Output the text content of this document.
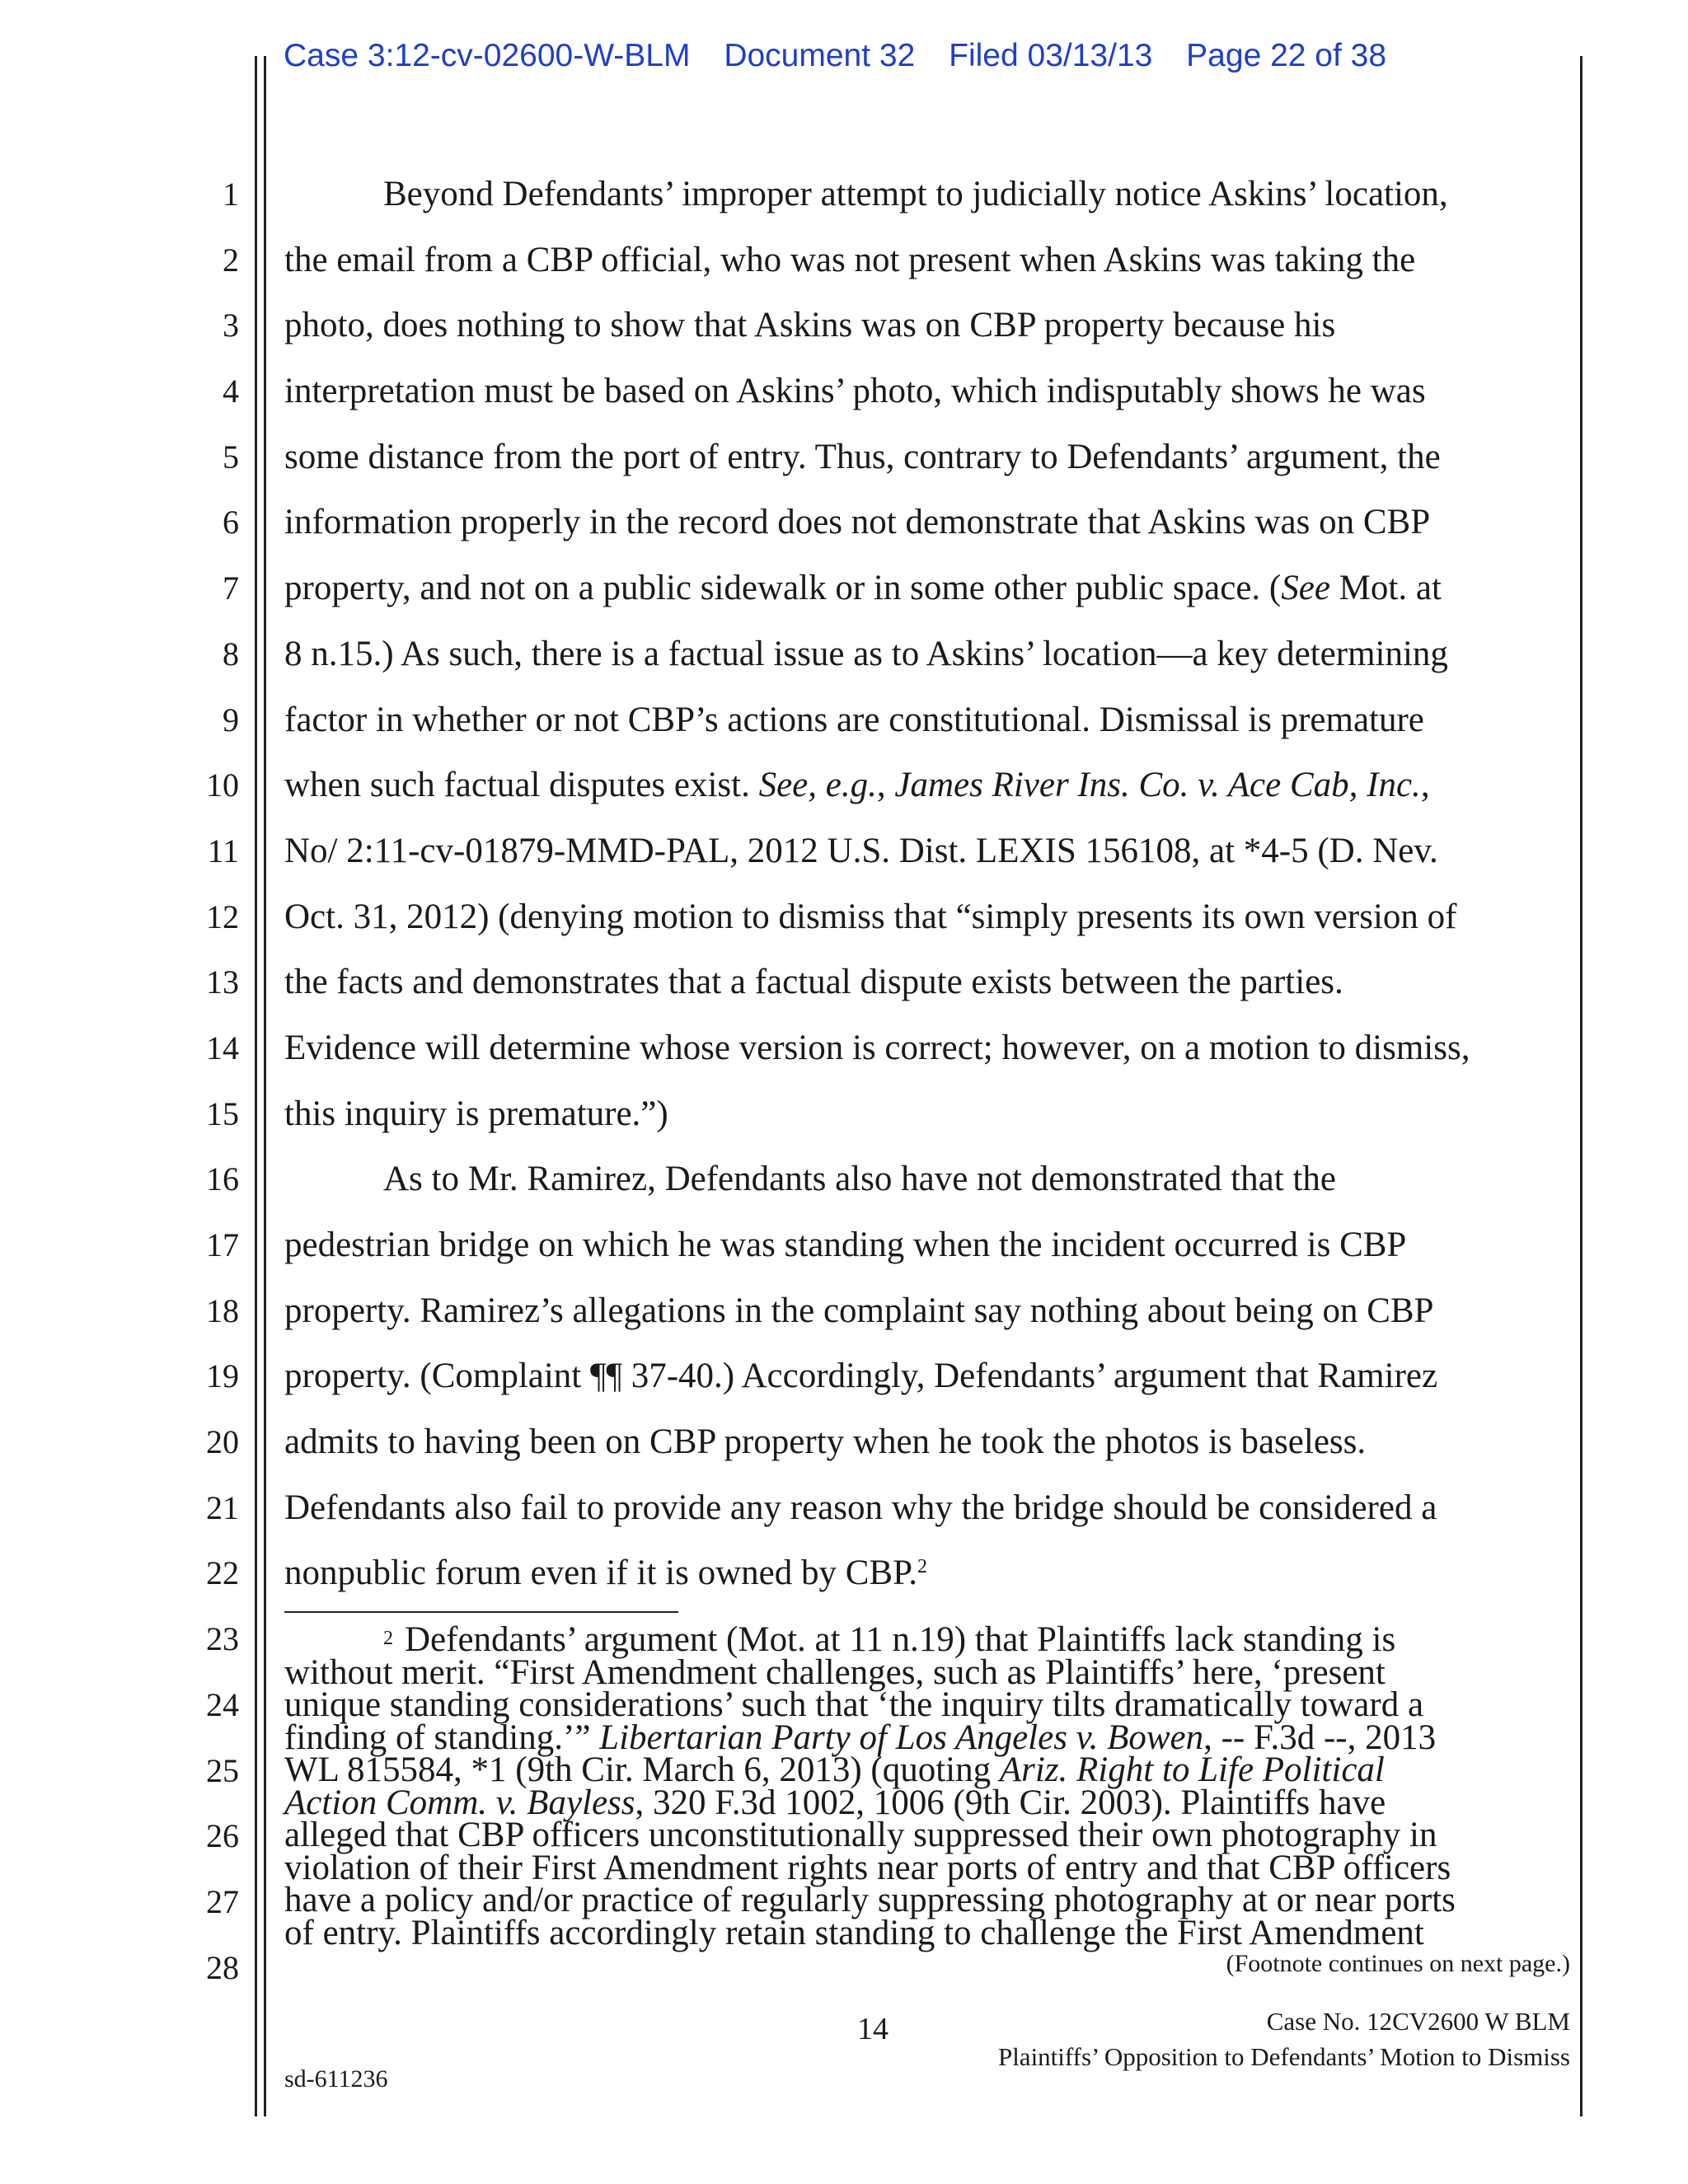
Case 3:12-cv-02600-W-BLM Document 32 Filed 03/13/13 Page 22 of 38
1
2
3
4
5
6
7
8
9
10
11
12
13
14
15
16
17
18
19
20
21
22
23
24
25
26
27
28
Beyond Defendants’ improper attempt to judicially notice Askins’ location,
the email from a CBP official, who was not present when Askins was taking the
photo, does nothing to show that Askins was on CBP property because his
interpretation must be based on Askins’ photo, which indisputably shows he was
some distance from the port of entry. Thus, contrary to Defendants’ argument, the
information properly in the record does not demonstrate that Askins was on CBP
property, and not on a public sidewalk or in some other public space. (See Mot. at
8 n.15.) As such, there is a factual issue as to Askins’ location—a key determining
factor in whether or not CBP’s actions are constitutional. Dismissal is premature
when such factual disputes exist. See, e.g., James River Ins. Co. v. Ace Cab, Inc.,
No/ 2:11-cv-01879-MMD-PAL, 2012 U.S. Dist. LEXIS 156108, at *4-5 (D. Nev.
Oct. 31, 2012) (denying motion to dismiss that “simply presents its own version of
the facts and demonstrates that a factual dispute exists between the parties.
Evidence will determine whose version is correct; however, on a motion to dismiss,
this inquiry is premature.”)
As to Mr. Ramirez, Defendants also have not demonstrated that the
pedestrian bridge on which he was standing when the incident occurred is CBP
property. Ramirez’s allegations in the complaint say nothing about being on CBP
property. (Complaint ¶¶ 37-40.) Accordingly, Defendants’ argument that Ramirez
admits to having been on CBP property when he took the photos is baseless.
Defendants also fail to provide any reason why the bridge should be considered a
nonpublic forum even if it is owned by CBP.$^2$
$^2$ Defendants’ argument (Mot. at 11 n.19) that Plaintiffs lack standing is
without merit. “First Amendment challenges, such as Plaintiffs’ here, ‘present
unique standing considerations’ such that ‘the inquiry tilts dramatically toward a
finding of standing.’” Libertarian Party of Los Angeles v. Bowen, -- F.3d --, 2013
WL 815584, *1 (9th Cir. March 6, 2013) (quoting Ariz. Right to Life Political
Action Comm. v. Bayless, 320 F.3d 1002, 1006 (9th Cir. 2003). Plaintiffs have
alleged that CBP officers unconstitutionally suppressed their own photography in
violation of their First Amendment rights near ports of entry and that CBP officers
have a policy and/or practice of regularly suppressing photography at or near ports
of entry. Plaintiffs accordingly retain standing to challenge the First Amendment
(Footnote continues on next page.)
14	Case No. 12CV2600 W BLM
Plaintiffs’ Opposition to Defendants’ Motion to Dismiss
sd-611236
